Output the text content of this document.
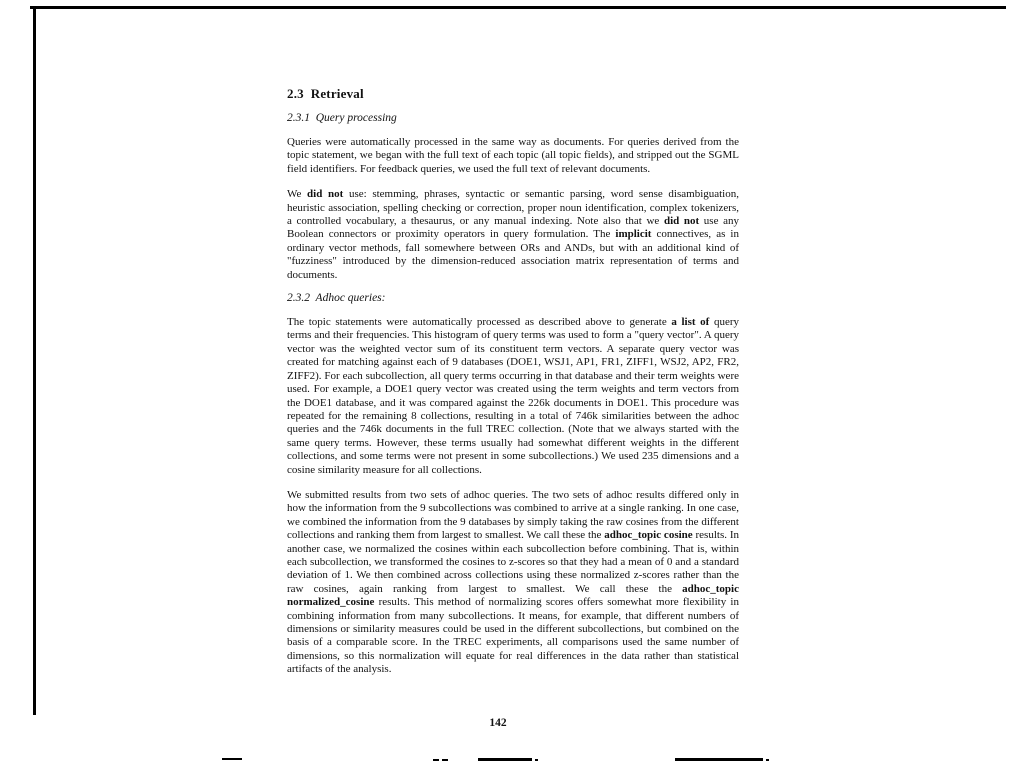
2.3  Retrieval
2.3.1  Query processing

Queries were automatically processed in the same way as documents. For queries derived from the topic statement, we began with the full text of each topic (all topic fields), and stripped out the SGML field identifiers. For feedback queries, we used the full text of relevant documents.

We did not use: stemming, phrases, syntactic or semantic parsing, word sense disambiguation, heuristic association, spelling checking or correction, proper noun identification, complex tokenizers, a controlled vocabulary, a thesaurus, or any manual indexing. Note also that we did not use any Boolean connectors or proximity operators in query formulation. The implicit connectives, as in ordinary vector methods, fall somewhere between ORs and ANDs, but with an additional kind of "fuzziness" introduced by the dimension-reduced association matrix representation of terms and documents.

2.3.2  Adhoc queries:

The topic statements were automatically processed as described above to generate a list of query terms and their frequencies. This histogram of query terms was used to form a "query vector". A query vector was the weighted vector sum of its constituent term vectors. A separate query vector was created for matching against each of 9 databases (DOE1, WSJ1, AP1, FR1, ZIFF1, WSJ2, AP2, FR2, ZIFF2). For each subcollection, all query terms occurring in that database and their term weights were used. For example, a DOE1 query vector was created using the term weights and term vectors from the DOE1 database, and it was compared against the 226k documents in DOE1. This procedure was repeated for the remaining 8 collections, resulting in a total of 746k similarities between the adhoc queries and the 746k documents in the full TREC collection. (Note that we always started with the same query terms. However, these terms usually had somewhat different weights in the different collections, and some terms were not present in some subcollections.) We used 235 dimensions and a cosine similarity measure for all collections.

We submitted results from two sets of adhoc queries. The two sets of adhoc results differed only in how the information from the 9 subcollections was combined to arrive at a single ranking. In one case, we combined the information from the 9 databases by simply taking the raw cosines from the different collections and ranking them from largest to smallest. We call these the adhoc_topic cosine results. In another case, we normalized the cosines within each subcollection before combining. That is, within each subcollection, we transformed the cosines to z-scores so that they had a mean of 0 and a standard deviation of 1. We then combined across collections using these normalized z-scores rather than the raw cosines, again ranking from largest to smallest. We call these the adhoc_topic normalized_cosine results. This method of normalizing scores offers somewhat more flexibility in combining information from many subcollections. It means, for example, that different numbers of dimensions or similarity measures could be used in the different subcollections, but combined on the basis of a comparable score. In the TREC experiments, all comparisons used the same number of dimensions, so this normalization will equate for real differences in the data rather than statistical artifacts of the analysis.

142
